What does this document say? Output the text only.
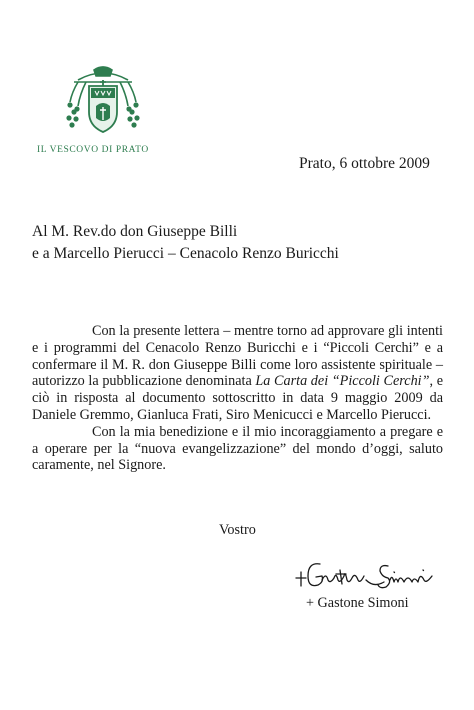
IL VESCOVO DI PRATO
Prato, 6 ottobre 2009
Al M. Rev.do don Giuseppe Billi
e a Marcello Pierucci – Cenacolo Renzo Buricchi

Con la presente lettera – mentre torno ad approvare gli intenti e i programmi del Cenacolo Renzo Buricchi e i “Piccoli Cerchi” e a confermare il M. R. don Giuseppe Billi come loro assistente spirituale – autorizzo la pubblicazione denominata La Carta dei “Piccoli Cerchi”, e ciò in risposta al documento sottoscritto in data 9 maggio 2009 da Daniele Gremmo, Gianluca Frati, Siro Menicucci e Marcello Pierucci.

Con la mia benedizione e il mio incoraggiamento a pregare e a operare per la “nuova evangelizzazione” del mondo d’oggi, saluto caramente, nel Signore.

Vostro
+ Gastone Simoni
